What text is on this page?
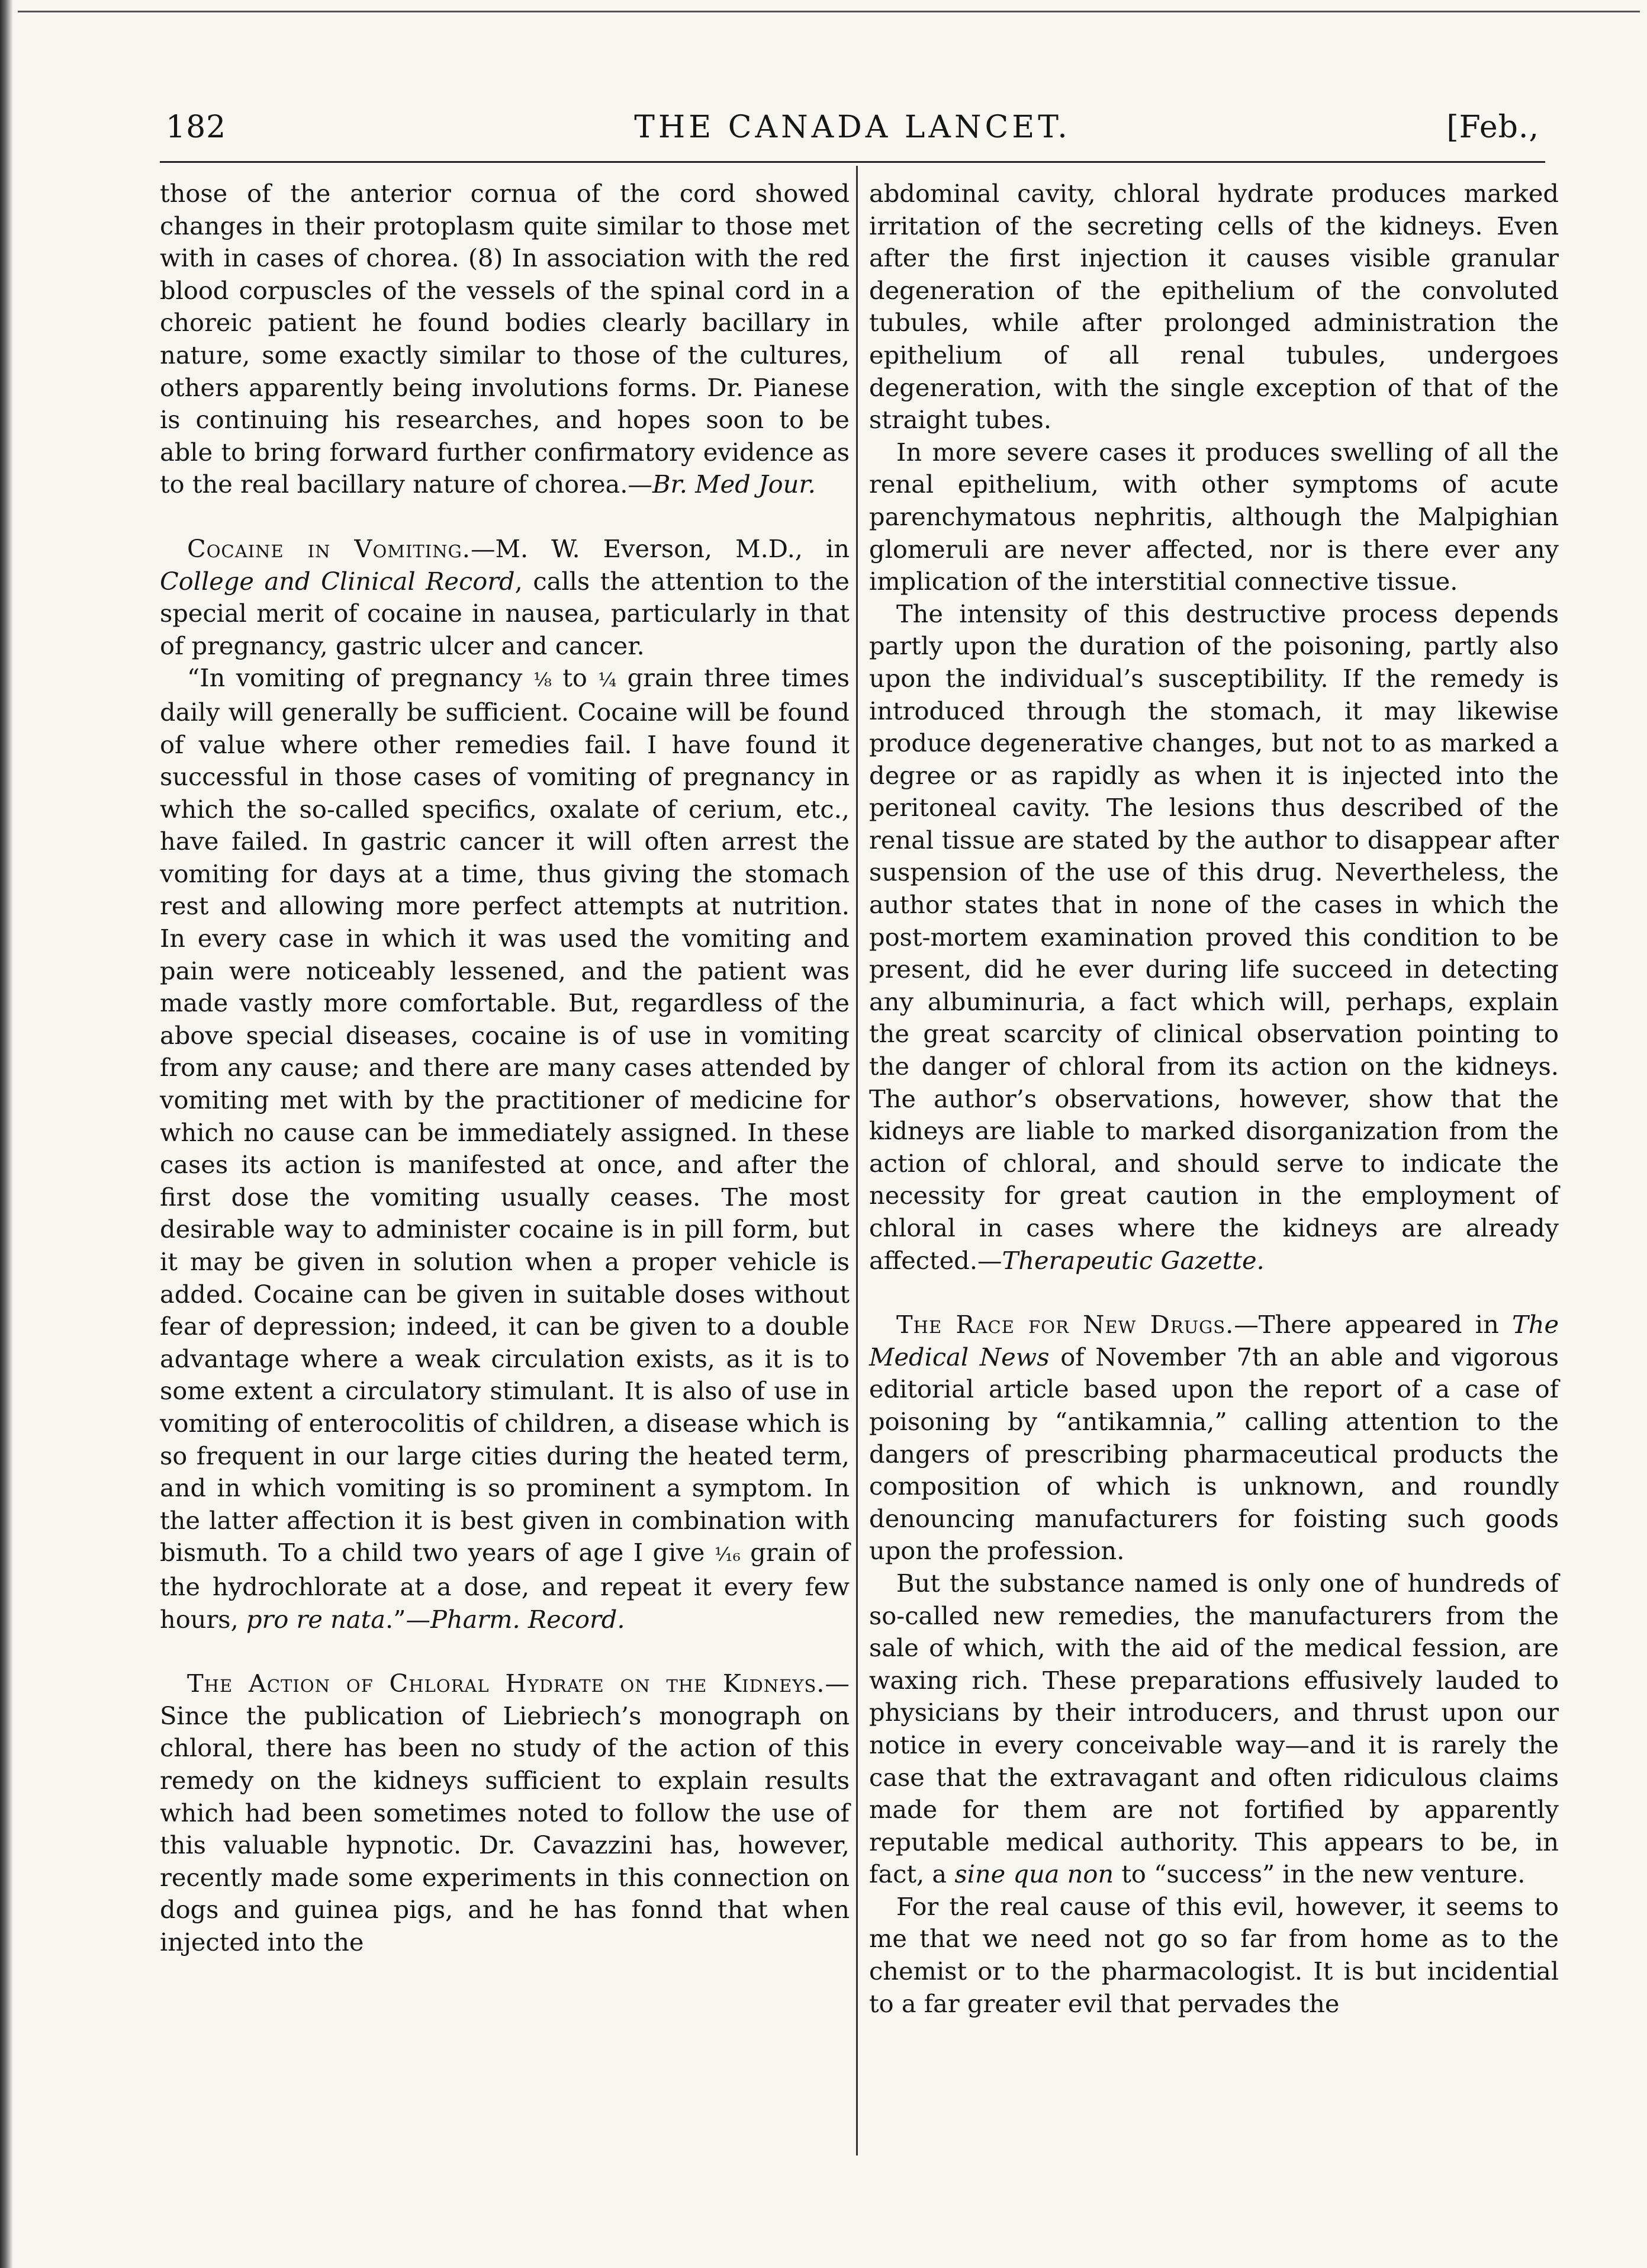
182	THE CANADA LANCET.	[Feb.,

those of the anterior cornua of the cord showed changes in their protoplasm quite similar to those met with in cases of chorea. (8) In association with the red blood corpuscles of the vessels of the spinal cord in a choreic patient he found bodies clearly bacillary in nature, some exactly similar to those of the cultures, others apparently being involutions forms. Dr. Pianese is continuing his researches, and hopes soon to be able to bring forward further confirmatory evidence as to the real bacillary nature of chorea.—Br. Med Jour.

Cocaine in Vomiting.—M. W. Everson, M.D., in College and Clinical Record, calls the attention to the special merit of cocaine in nausea, particularly in that of pregnancy, gastric ulcer and cancer.

“In vomiting of pregnancy ⅛ to ¼ grain three times daily will generally be sufficient. Cocaine will be found of value where other remedies fail. I have found it successful in those cases of vomiting of pregnancy in which the so-called specifics, oxalate of cerium, etc., have failed. In gastric cancer it will often arrest the vomiting for days at a time, thus giving the stomach rest and allowing more perfect attempts at nutrition. In every case in which it was used the vomiting and pain were noticeably lessened, and the patient was made vastly more comfortable. But, regardless of the above special diseases, cocaine is of use in vomiting from any cause; and there are many cases attended by vomiting met with by the practitioner of medicine for which no cause can be immediately assigned. In these cases its action is manifested at once, and after the first dose the vomiting usually ceases. The most desirable way to administer cocaine is in pill form, but it may be given in solution when a proper vehicle is added. Cocaine can be given in suitable doses without fear of depression; indeed, it can be given to a double advantage where a weak circulation exists, as it is to some extent a circulatory stimulant. It is also of use in vomiting of enterocolitis of children, a disease which is so frequent in our large cities during the heated term, and in which vomiting is so prominent a symptom. In the latter affection it is best given in combination with bismuth. To a child two years of age I give ¹⁄₁₆ grain of the hydrochlorate at a dose, and repeat it every few hours, pro re nata.”—Pharm. Record.

The Action of Chloral Hydrate on the Kidneys.—Since the publication of Liebriech’s monograph on chloral, there has been no study of the action of this remedy on the kidneys sufficient to explain results which had been sometimes noted to follow the use of this valuable hypnotic. Dr. Cavazzini has, however, recently made some experiments in this connection on dogs and guinea pigs, and he has fonnd that when injected into the

abdominal cavity, chloral hydrate produces marked irritation of the secreting cells of the kidneys. Even after the first injection it causes visible granular degeneration of the epithelium of the convoluted tubules, while after prolonged administration the epithelium of all renal tubules, undergoes degeneration, with the single exception of that of the straight tubes.

In more severe cases it produces swelling of all the renal epithelium, with other symptoms of acute parenchymatous nephritis, although the Malpighian glomeruli are never affected, nor is there ever any implication of the interstitial connective tissue.

The intensity of this destructive process depends partly upon the duration of the poisoning, partly also upon the individual’s susceptibility. If the remedy is introduced through the stomach, it may likewise produce degenerative changes, but not to as marked a degree or as rapidly as when it is injected into the peritoneal cavity. The lesions thus described of the renal tissue are stated by the author to disappear after suspension of the use of this drug. Nevertheless, the author states that in none of the cases in which the post-mortem examination proved this condition to be present, did he ever during life succeed in detecting any albuminuria, a fact which will, perhaps, explain the great scarcity of clinical observation pointing to the danger of chloral from its action on the kidneys. The author’s observations, however, show that the kidneys are liable to marked disorganization from the action of chloral, and should serve to indicate the necessity for great caution in the employment of chloral in cases where the kidneys are already affected.—Therapeutic Gazette.

The Race for New Drugs.—There appeared in The Medical News of November 7th an able and vigorous editorial article based upon the report of a case of poisoning by “antikamnia,” calling attention to the dangers of prescribing pharmaceutical products the composition of which is unknown, and roundly denouncing manufacturers for foisting such goods upon the profession.

But the substance named is only one of hundreds of so-called new remedies, the manufacturers from the sale of which, with the aid of the medical fession, are waxing rich. These preparations effusively lauded to physicians by their introducers, and thrust upon our notice in every conceivable way—and it is rarely the case that the extravagant and often ridiculous claims made for them are not fortified by apparently reputable medical authority. This appears to be, in fact, a sine qua non to “success” in the new venture.

For the real cause of this evil, however, it seems to me that we need not go so far from home as to the chemist or to the pharmacologist. It is but incidential to a far greater evil that pervades the
